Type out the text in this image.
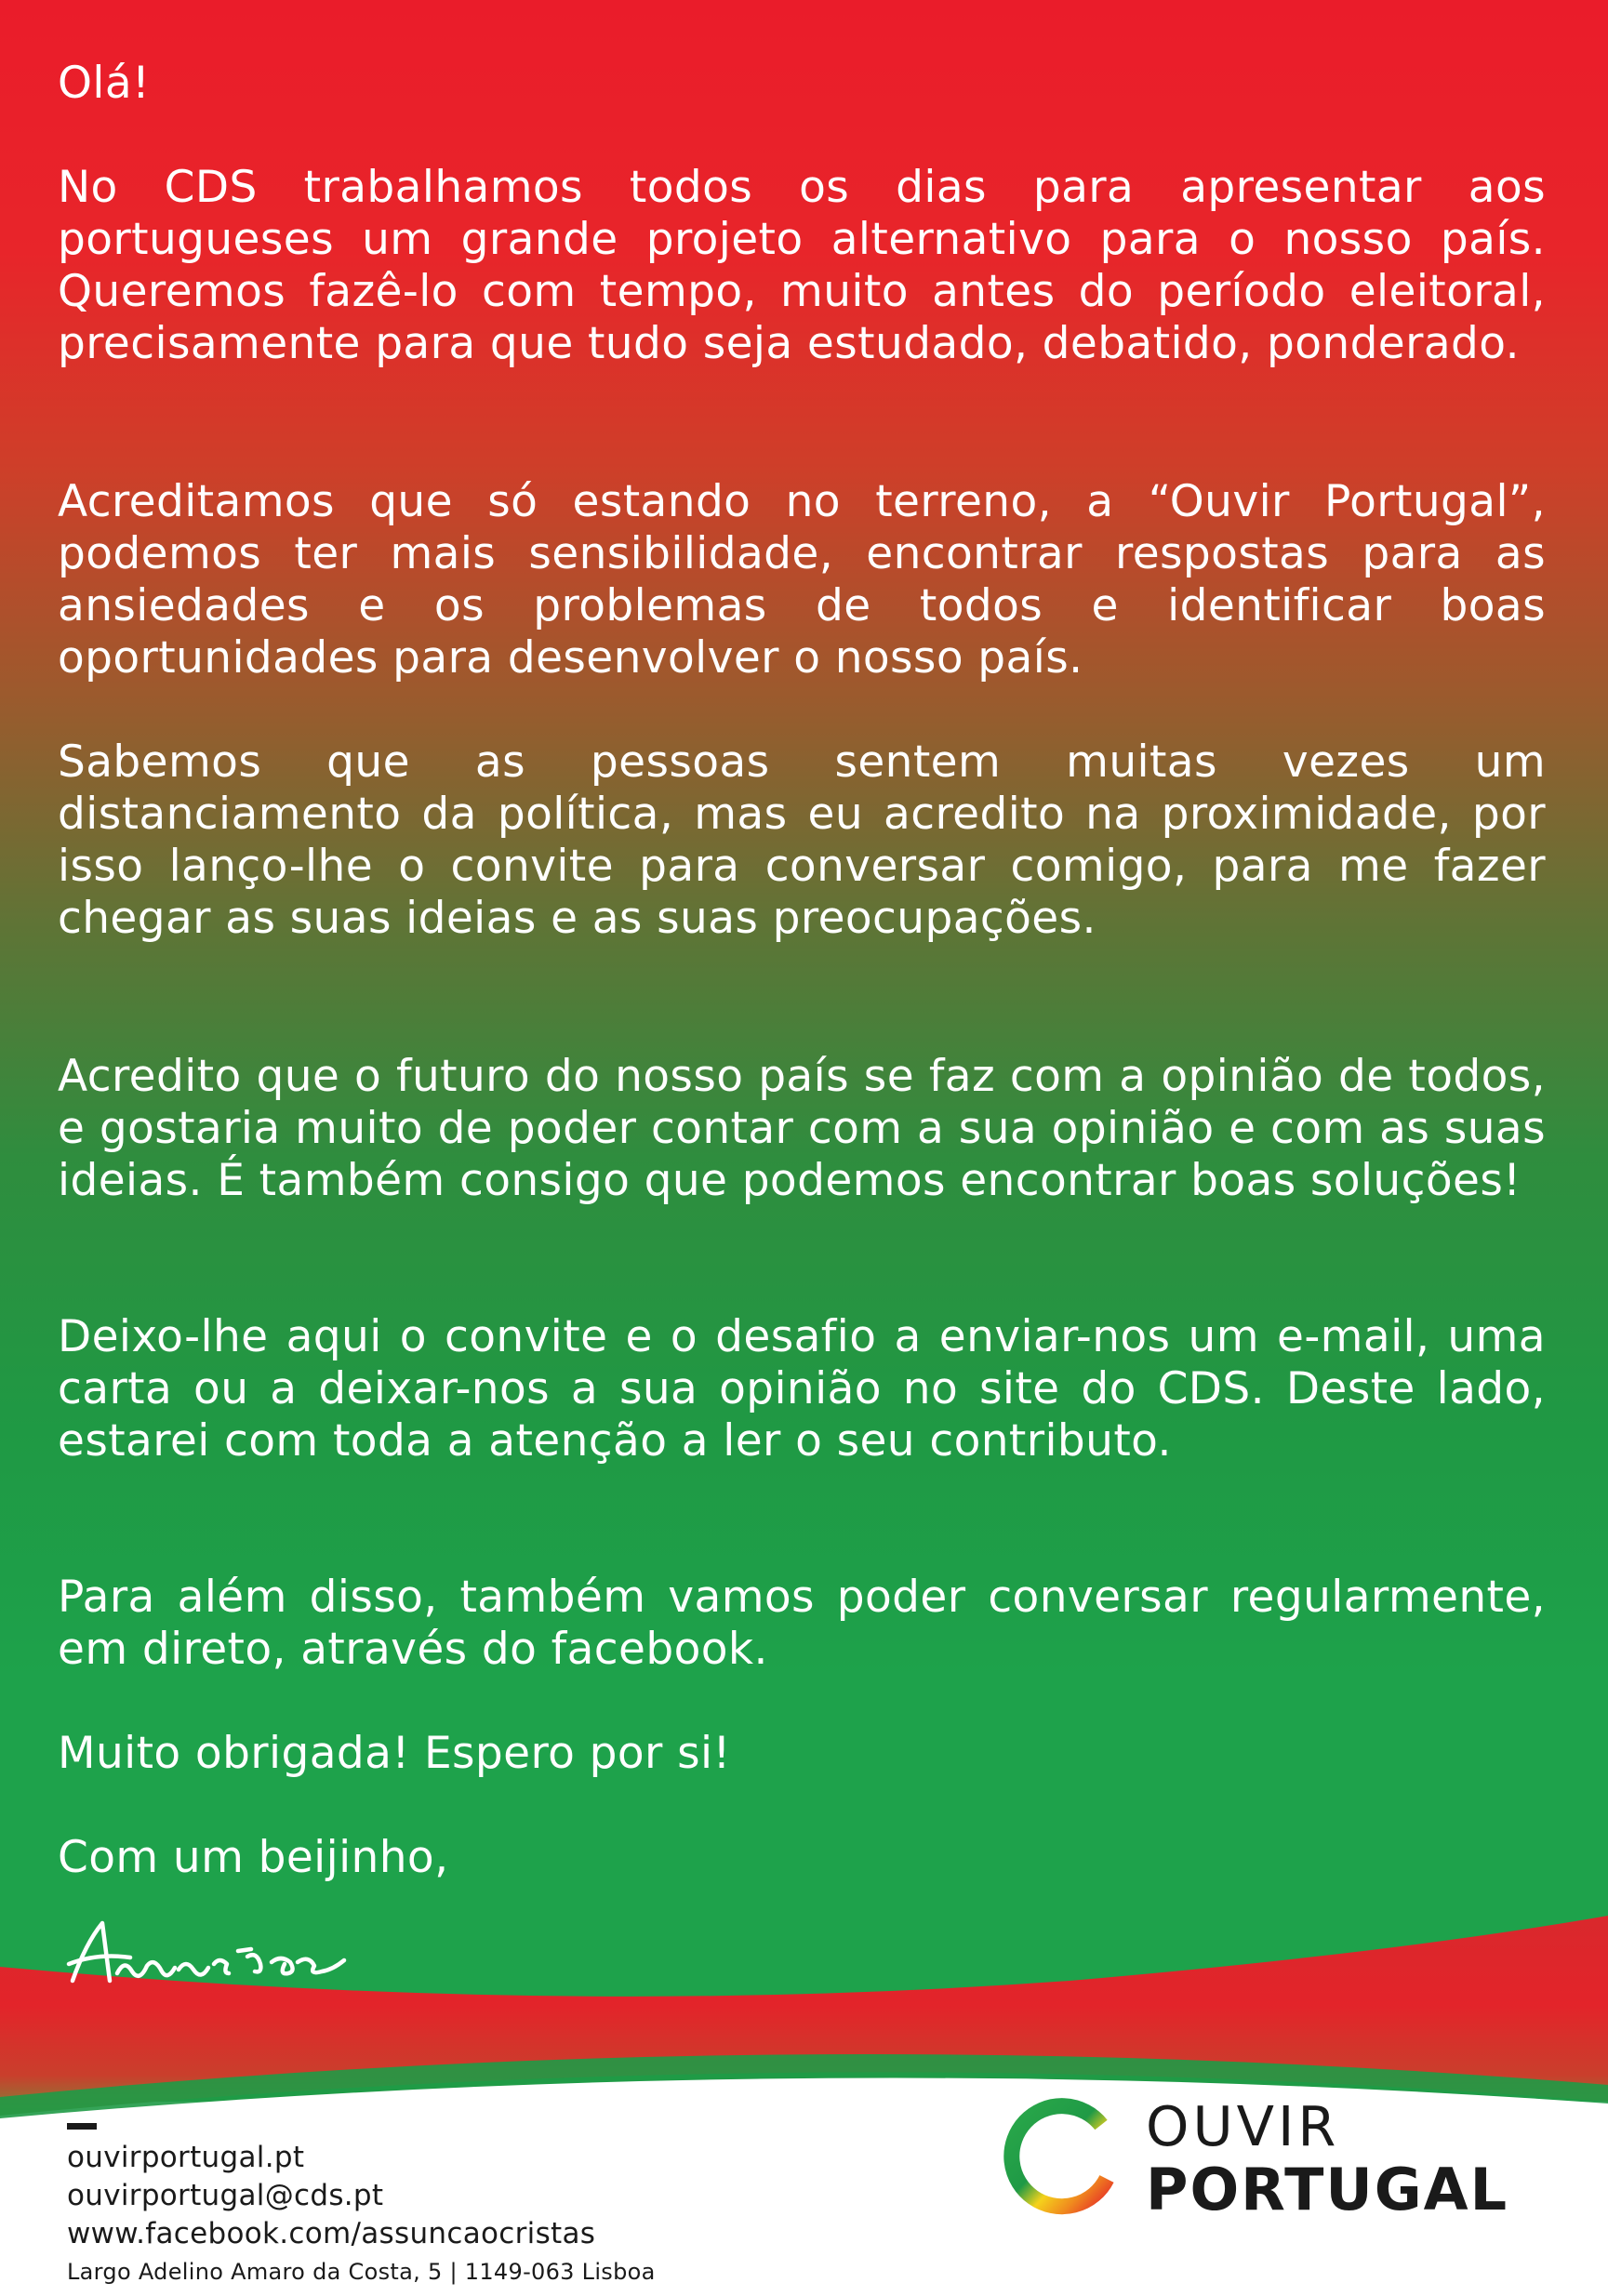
Olá!

No CDS trabalhamos todos os dias para apresentar aos portugueses um grande projeto alternativo para o nosso país. Queremos fazê-lo com tempo, muito antes do período eleitoral, precisamente para que tudo seja estudado, debatido, ponderado.

Acreditamos que só estando no terreno, a “Ouvir Portugal”, podemos ter mais sensibilidade, encontrar respostas para as ansiedades e os problemas de todos e identificar boas oportunidades para desenvolver o nosso país.

Sabemos que as pessoas sentem muitas vezes um distanciamento da política, mas eu acredito na proximidade, por isso lanço-lhe o convite para conversar comigo, para me fazer chegar as suas ideias e as suas preocupações.

Acredito que o futuro do nosso país se faz com a opinião de todos, e gostaria muito de poder contar com a sua opinião e com as suas ideias. É também consigo que podemos encontrar boas soluções!

Deixo-lhe aqui o convite e o desafio a enviar-nos um e-mail, uma carta ou a deixar-nos a sua opinião no site do CDS. Deste lado, estarei com toda a atenção a ler o seu contributo.

Para além disso, também vamos poder conversar regularmente, em direto, através do facebook.

Muito obrigada! Espero por si!

Com um beijinho,

ouvirportugal.pt
ouvirportugal@cds.pt
www.facebook.com/assuncaocristas
Largo Adelino Amaro da Costa, 5 | 1149-063 Lisboa
OUVIR
PORTUGAL
